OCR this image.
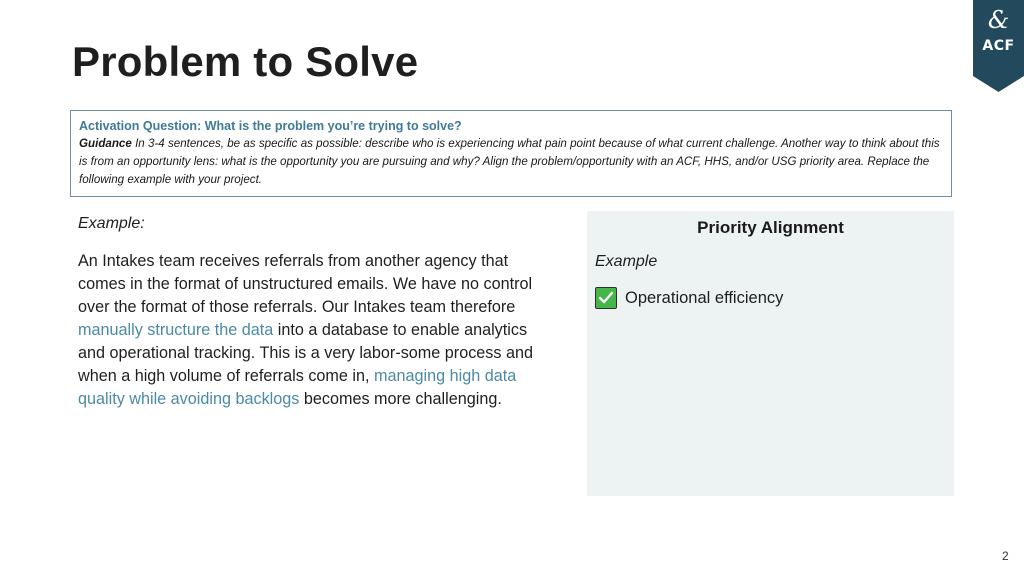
Problem to Solve
&
ACF
Activation Question: What is the problem you’re trying to solve?
Guidance In 3-4 sentences, be as specific as possible: describe who is experiencing what pain point because of what current challenge. Another way to think about this is from an opportunity lens: what is the opportunity you are pursuing and why? Align the problem/opportunity with an ACF, HHS, and/or USG priority area. Replace the following example with your project.

Example:

An Intakes team receives referrals from another agency that comes in the format of unstructured emails. We have no control over the format of those referrals. Our Intakes team therefore manually structure the data into a database to enable analytics and operational tracking. This is a very labor-some process and when a high volume of referrals come in, managing high data quality while avoiding backlogs becomes more challenging.

Priority Alignment
Example
Operational efficiency
2
